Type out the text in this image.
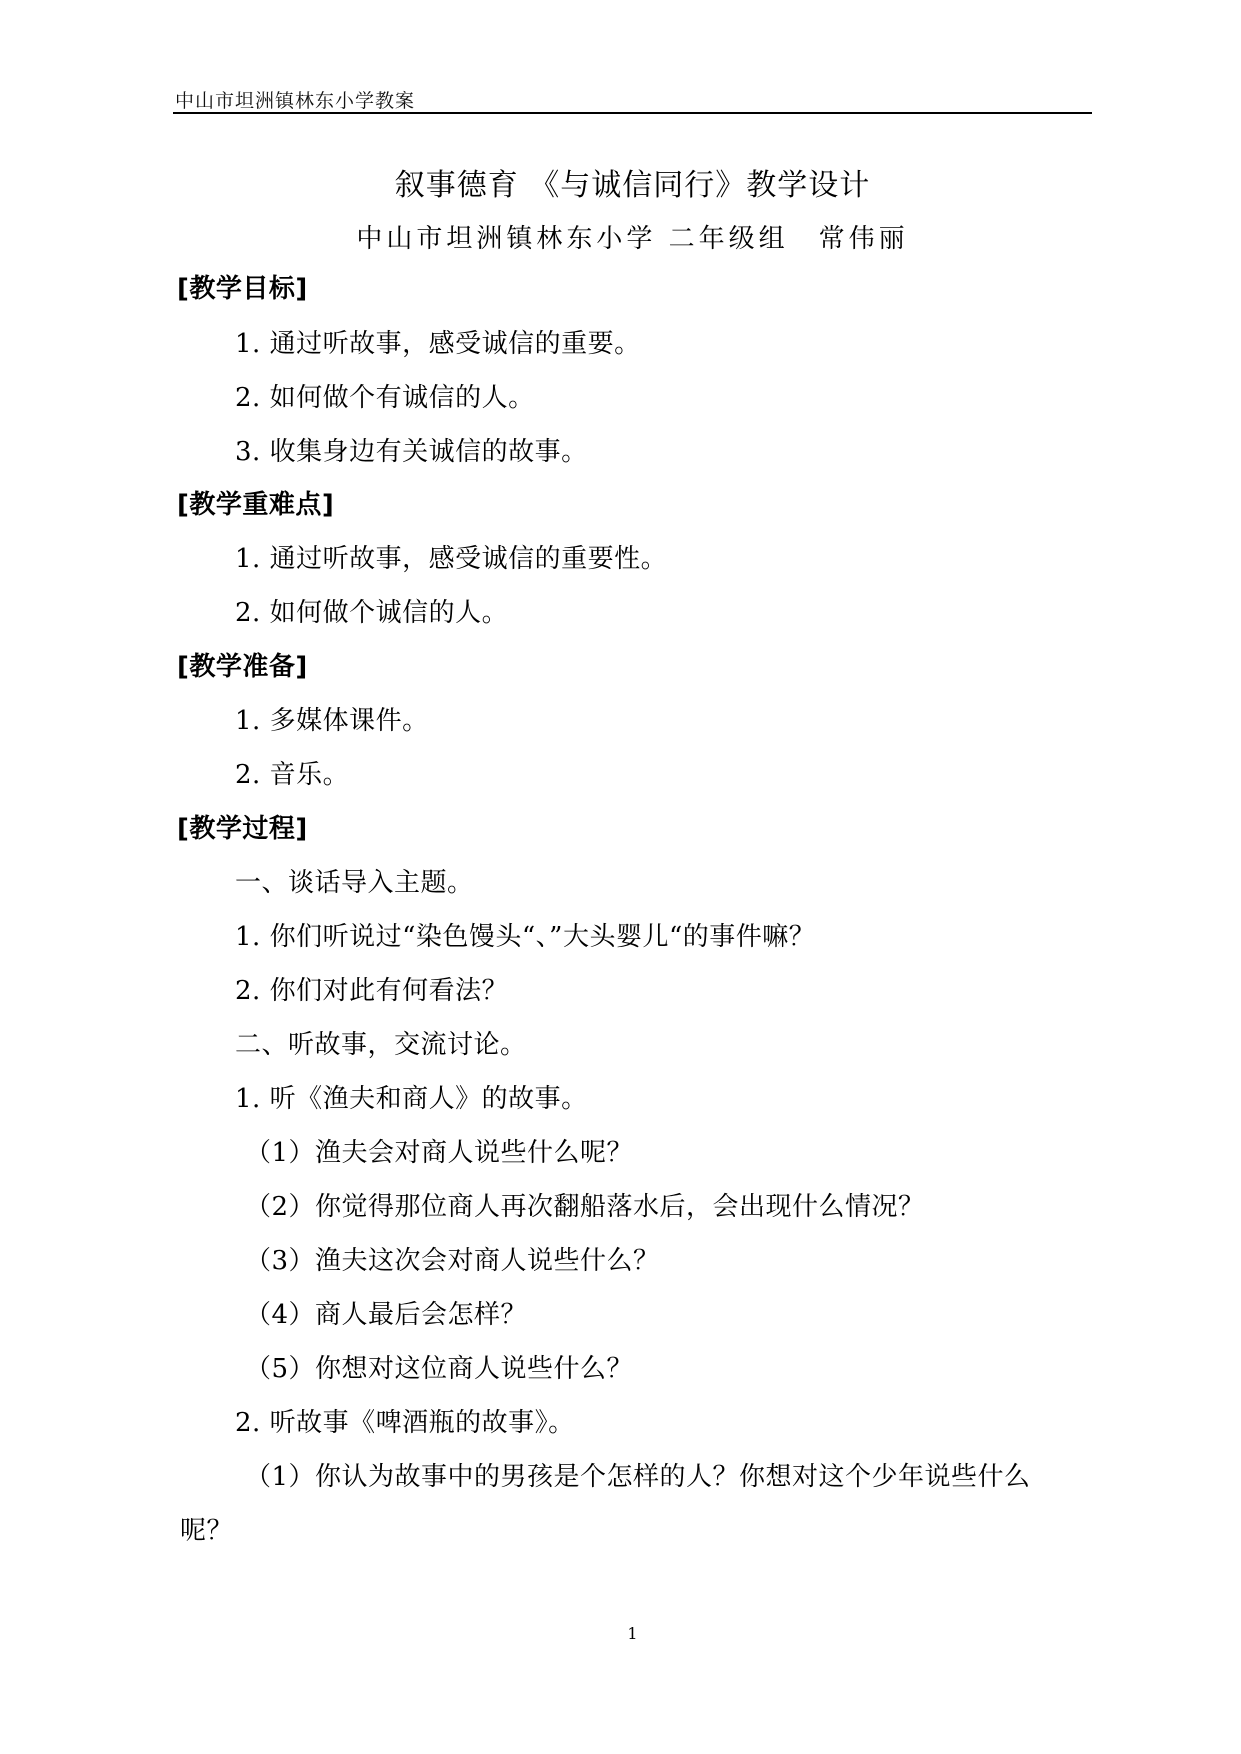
中山市坦洲镇林东小学教案
叙事德育 《与诚信同行》教学设计
中山市坦洲镇林东小学 二年级组　常伟丽
[教学目标]
1. 通过听故事，感受诚信的重要。
2. 如何做个有诚信的人。
3. 收集身边有关诚信的故事。
[教学重难点]
1. 通过听故事，感受诚信的重要性。
2. 如何做个诚信的人。
[教学准备]
1. 多媒体课件。
2. 音乐。
[教学过程]
一、谈话导入主题。
1. 你们听说过“染色馒头“、”大头婴儿“的事件嘛？
2. 你们对此有何看法？
二、听故事，交流讨论。
1. 听《渔夫和商人》的故事。
（1）渔夫会对商人说些什么呢？
（2）你觉得那位商人再次翻船落水后，会出现什么情况？
（3）渔夫这次会对商人说些什么？
（4）商人最后会怎样？
（5）你想对这位商人说些什么？
2. 听故事《啤酒瓶的故事》。
（1）你认为故事中的男孩是个怎样的人？你想对这个少年说些什么
呢？
1
